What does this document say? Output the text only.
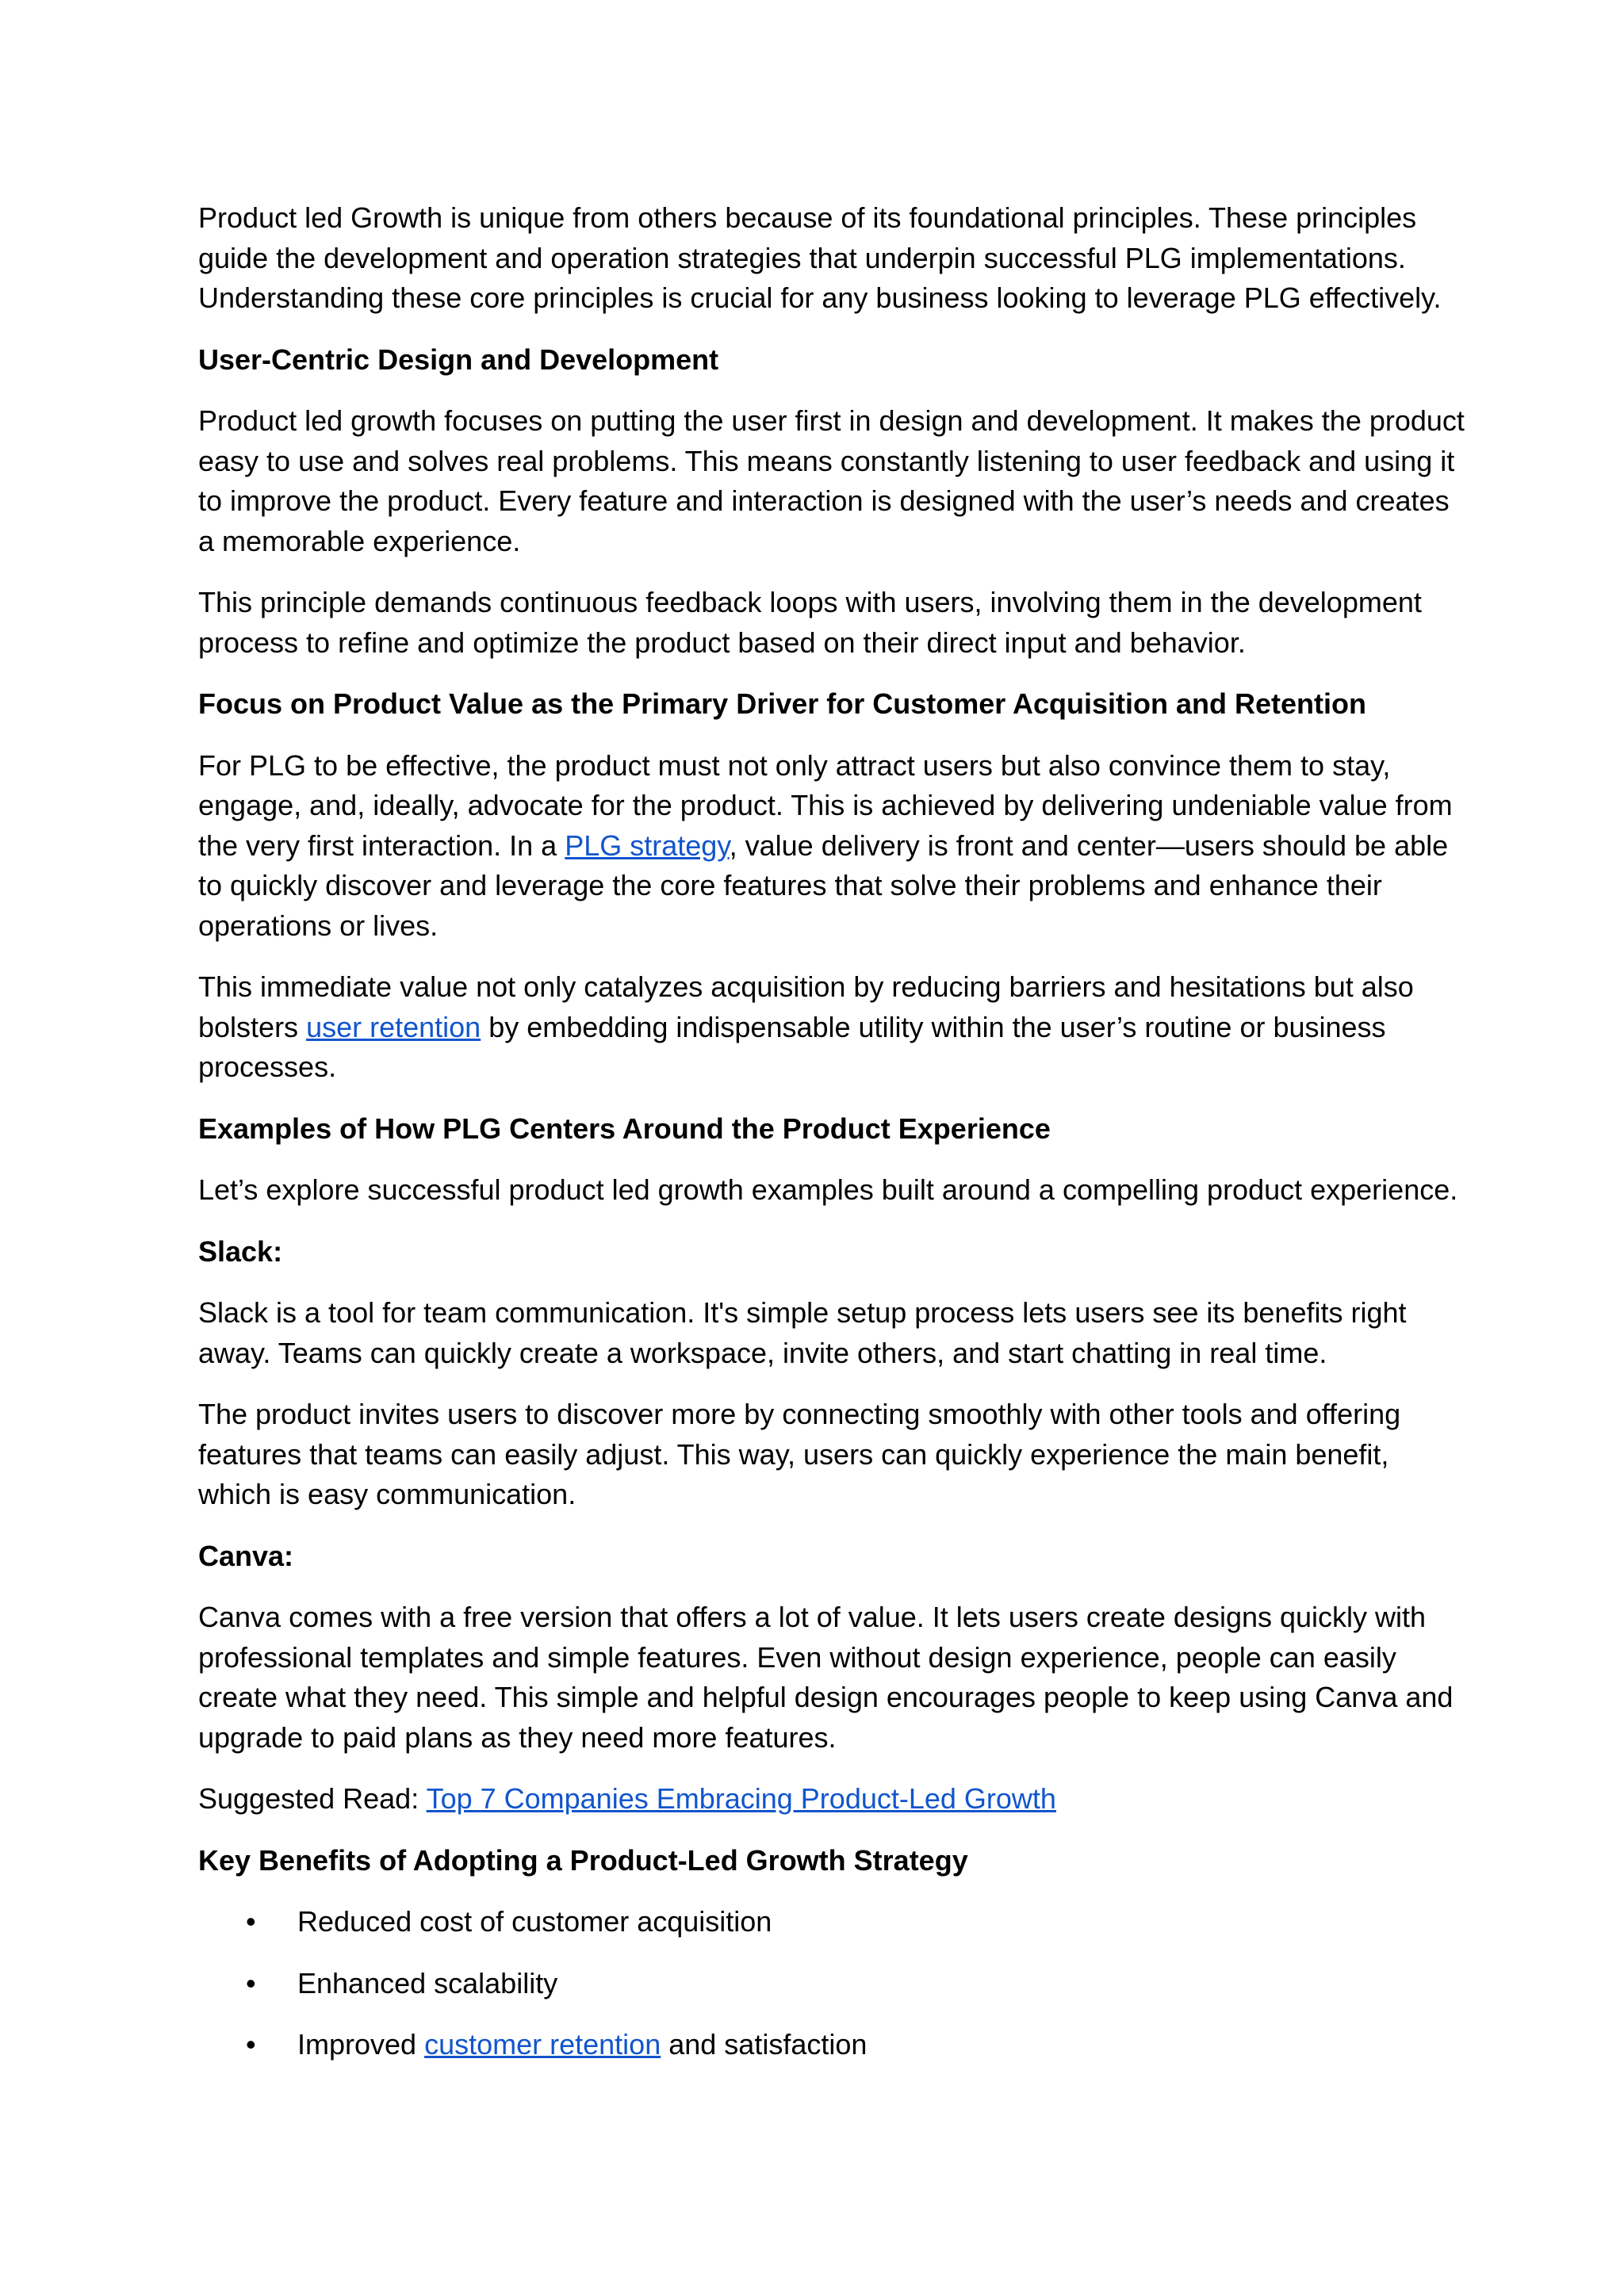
Product led Growth is unique from others because of its foundational principles. These principles guide the development and operation strategies that underpin successful PLG implementations. Understanding these core principles is crucial for any business looking to leverage PLG effectively.

User-Centric Design and Development

Product led growth focuses on putting the user first in design and development. It makes the product easy to use and solves real problems. This means constantly listening to user feedback and using it to improve the product. Every feature and interaction is designed with the user’s needs and creates a memorable experience.

This principle demands continuous feedback loops with users, involving them in the development process to refine and optimize the product based on their direct input and behavior.

Focus on Product Value as the Primary Driver for Customer Acquisition and Retention

For PLG to be effective, the product must not only attract users but also convince them to stay, engage, and, ideally, advocate for the product. This is achieved by delivering undeniable value from the very first interaction. In a PLG strategy, value delivery is front and center—users should be able to quickly discover and leverage the core features that solve their problems and enhance their operations or lives.

This immediate value not only catalyzes acquisition by reducing barriers and hesitations but also bolsters user retention by embedding indispensable utility within the user’s routine or business processes.

Examples of How PLG Centers Around the Product Experience

Let’s explore successful product led growth examples built around a compelling product experience.

Slack:

Slack is a tool for team communication. It's simple setup process lets users see its benefits right away. Teams can quickly create a workspace, invite others, and start chatting in real time.

The product invites users to discover more by connecting smoothly with other tools and offering features that teams can easily adjust. This way, users can quickly experience the main benefit, which is easy communication.

Canva:

Canva comes with a free version that offers a lot of value. It lets users create designs quickly with professional templates and simple features. Even without design experience, people can easily create what they need. This simple and helpful design encourages people to keep using Canva and upgrade to paid plans as they need more features.

Suggested Read: Top 7 Companies Embracing Product-Led Growth

Key Benefits of Adopting a Product-Led Growth Strategy

• Reduced cost of customer acquisition
• Enhanced scalability
• Improved customer retention and satisfaction
